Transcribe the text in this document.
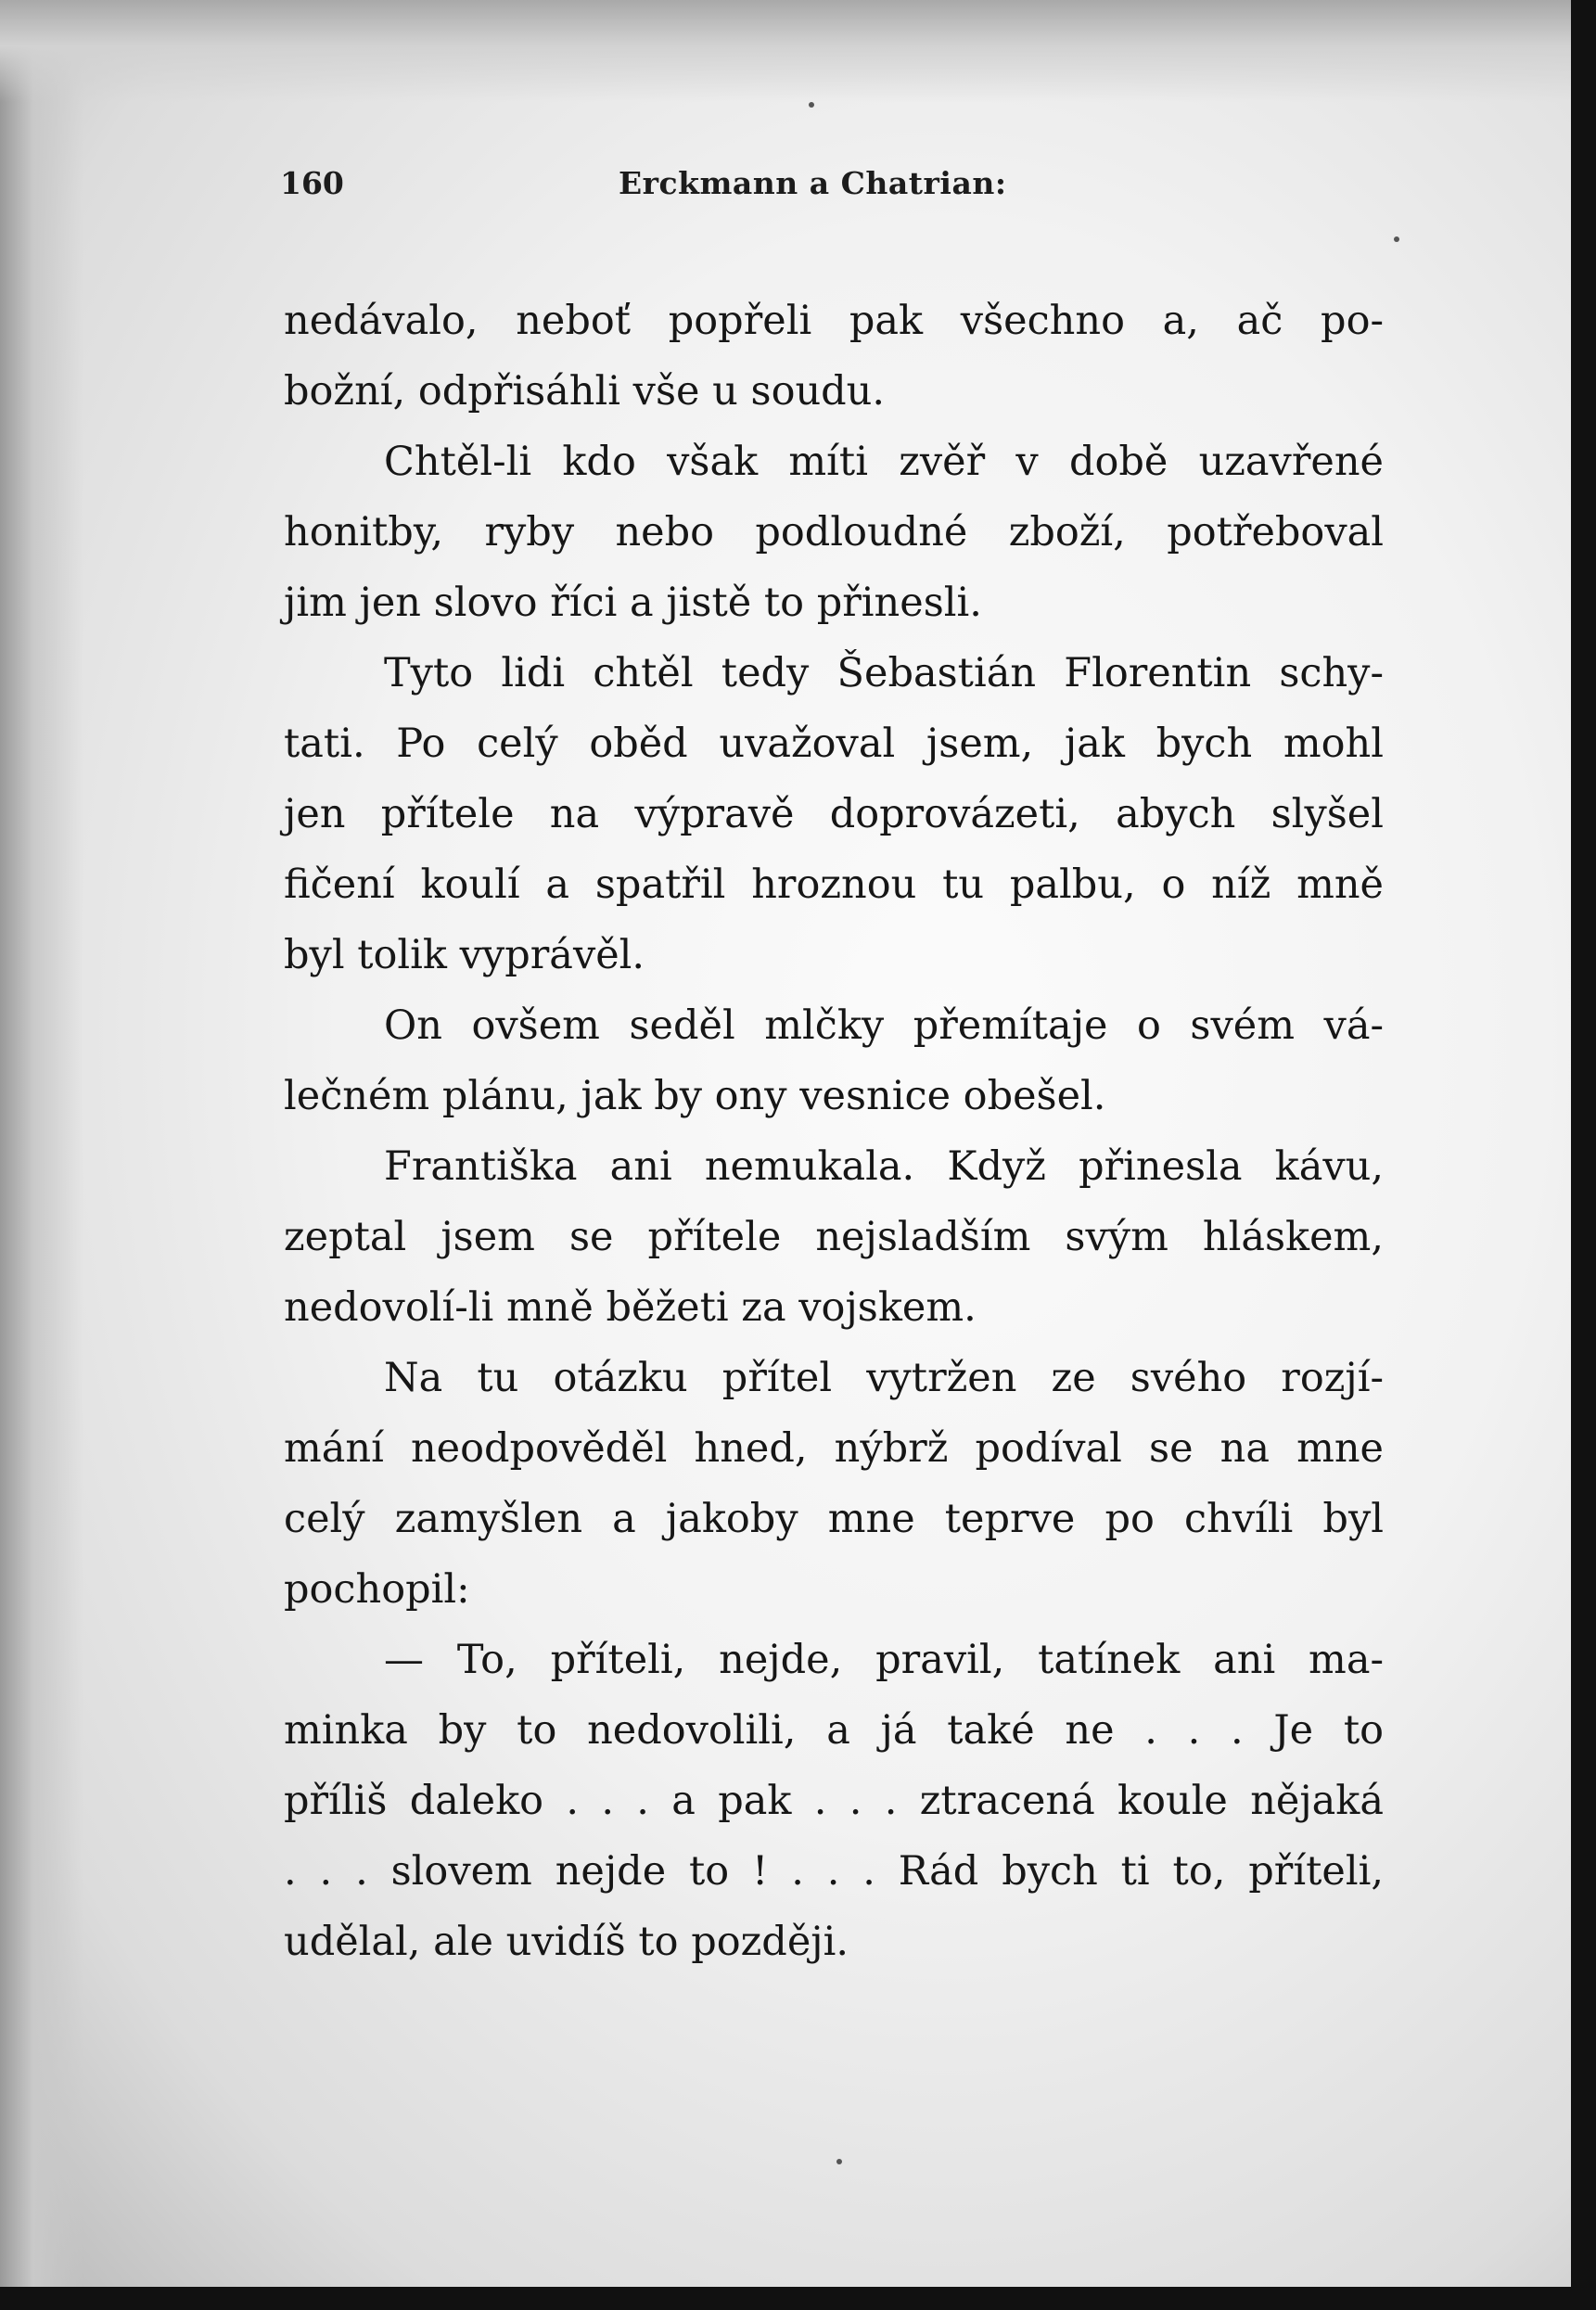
160	Erckmann a Chatrian:
nedávalo, neboť popřeli pak všechno a, ač po-
božní, odpřisáhli vše u soudu.
Chtěl-li kdo však míti zvěř v době uzavřené
honitby, ryby nebo podloudné zboží, potřeboval
jim jen slovo říci a jistě to přinesli.
Tyto lidi chtěl tedy Šebastián Florentin schy-
tati. Po celý oběd uvažoval jsem, jak bych mohl
jen přítele na výpravě doprovázeti, abych slyšel
fičení koulí a spatřil hroznou tu palbu, o níž mně
byl tolik vyprávěl.
On ovšem seděl mlčky přemítaje o svém vá-
lečném plánu, jak by ony vesnice obešel.
Františka ani nemukala. Když přinesla kávu,
zeptal jsem se přítele nejsladším svým hláskem,
nedovolí-li mně běžeti za vojskem.
Na tu otázku přítel vytržen ze svého rozjí-
mání neodpověděl hned, nýbrž podíval se na mne
celý zamyšlen a jakoby mne teprve po chvíli byl
pochopil:
— To, příteli, nejde, pravil, tatínek ani ma-
minka by to nedovolili, a já také ne . . . Je to
příliš daleko . . . a pak . . . ztracená koule nějaká
. . . slovem nejde to ! . . . Rád bych ti to, příteli,
udělal, ale uvidíš to později.
